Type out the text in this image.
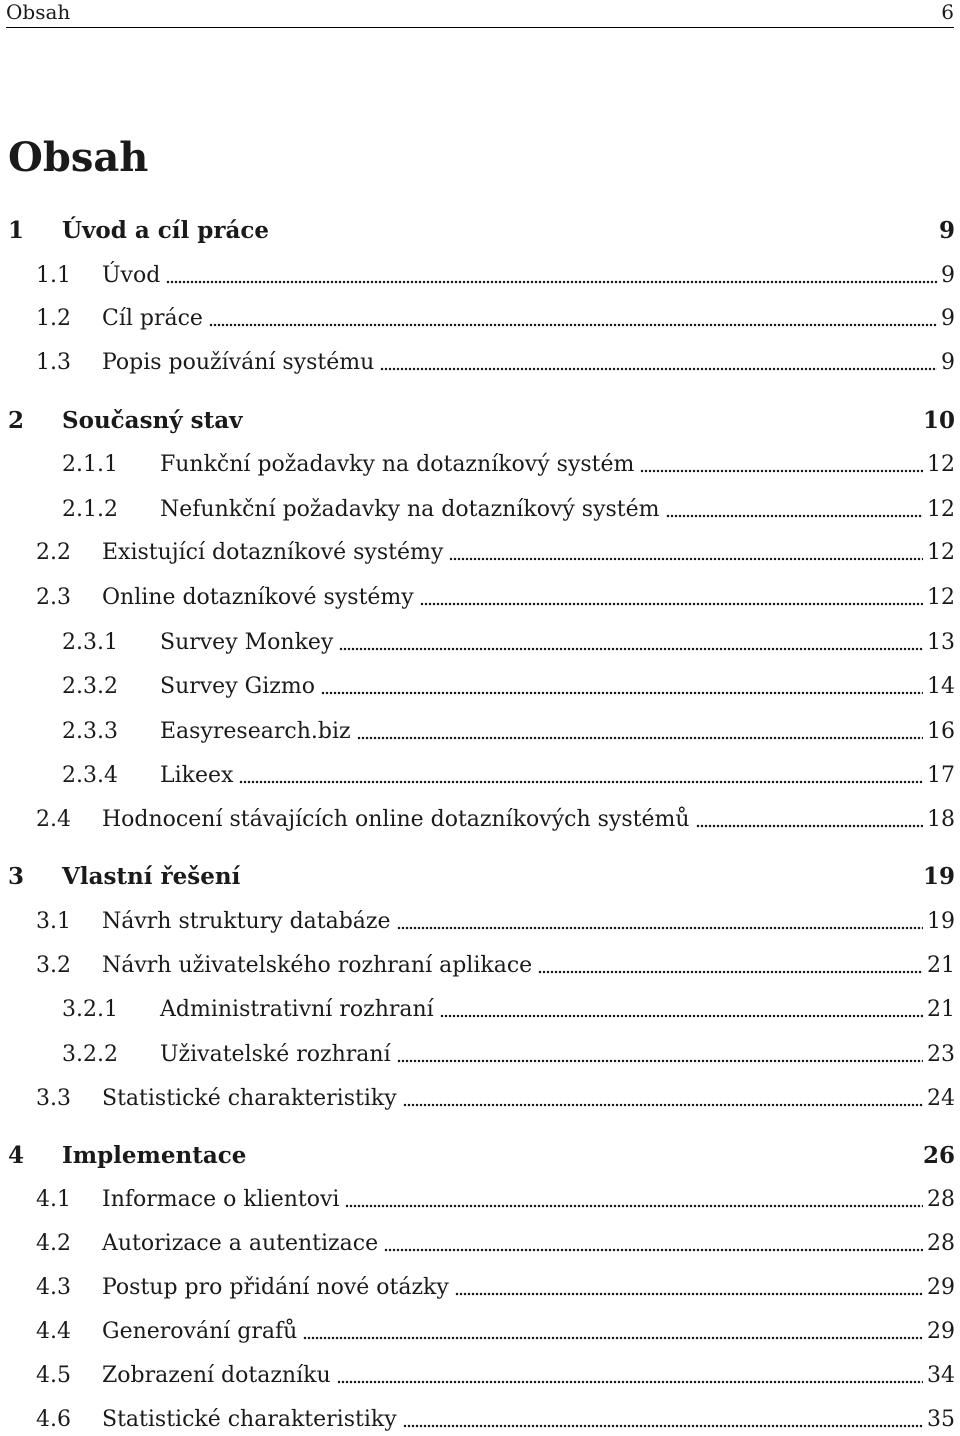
Obsah	6
Obsah
1 Úvod a cíl práce	9
1.1 Úvod	9
1.2 Cíl práce	9
1.3 Popis používání systému	9
2 Současný stav	10
2.1.1 Funkční požadavky na dotazníkový systém	12
2.1.2 Nefunkční požadavky na dotazníkový systém	12
2.2 Existující dotazníkové systémy	12
2.3 Online dotazníkové systémy	12
2.3.1 Survey Monkey	13
2.3.2 Survey Gizmo	14
2.3.3 Easyresearch.biz	16
2.3.4 Likeex	17
2.4 Hodnocení stávajících online dotazníkových systémů	18
3 Vlastní řešení	19
3.1 Návrh struktury databáze	19
3.2 Návrh uživatelského rozhraní aplikace	21
3.2.1 Administrativní rozhraní	21
3.2.2 Uživatelské rozhraní	23
3.3 Statistické charakteristiky	24
4 Implementace	26
4.1 Informace o klientovi	28
4.2 Autorizace a autentizace	28
4.3 Postup pro přidání nové otázky	29
4.4 Generování grafů	29
4.5 Zobrazení dotazníku	34
4.6 Statistické charakteristiky	35
